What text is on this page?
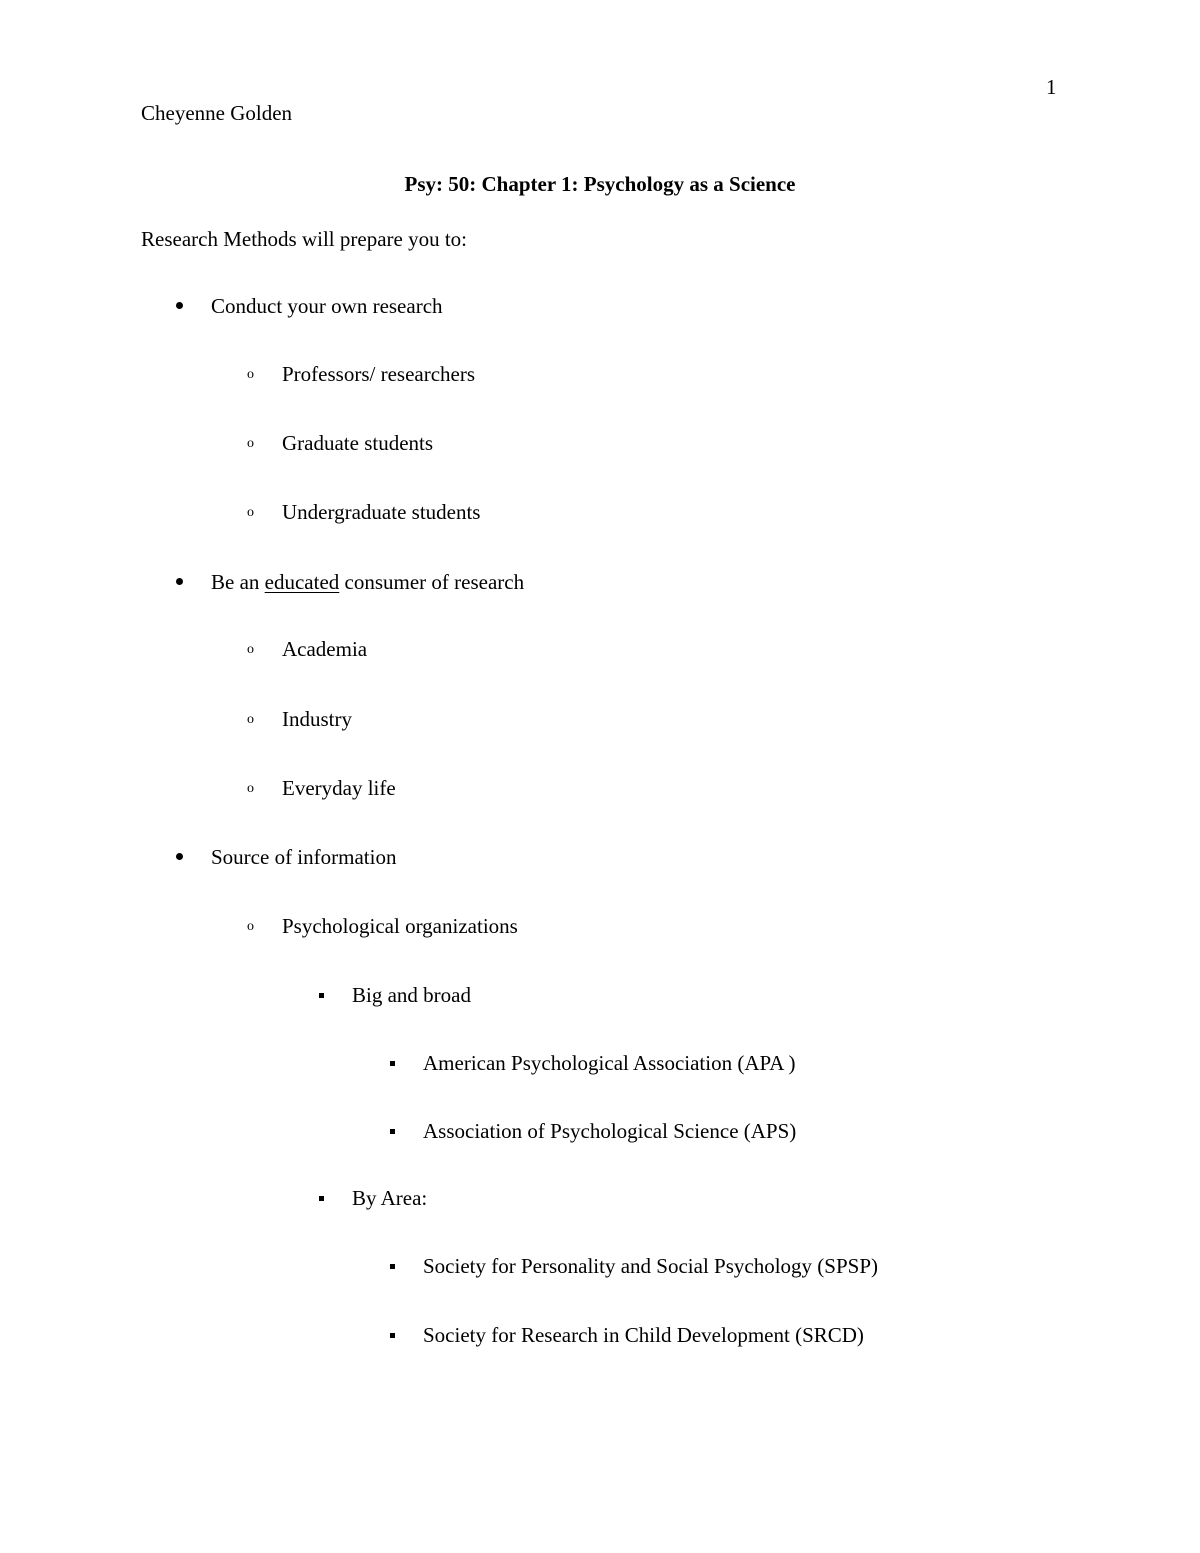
1
Cheyenne Golden
Psy: 50: Chapter 1: Psychology as a Science
Research Methods will prepare you to:
Conduct your own research
o Professors/ researchers
o Graduate students
o Undergraduate students
Be an educated consumer of research
o Academia
o Industry
o Everyday life
Source of information
o Psychological organizations
Big and broad
American Psychological Association (APA )
Association of Psychological Science (APS)
By Area:
Society for Personality and Social Psychology (SPSP)
Society for Research in Child Development (SRCD)
